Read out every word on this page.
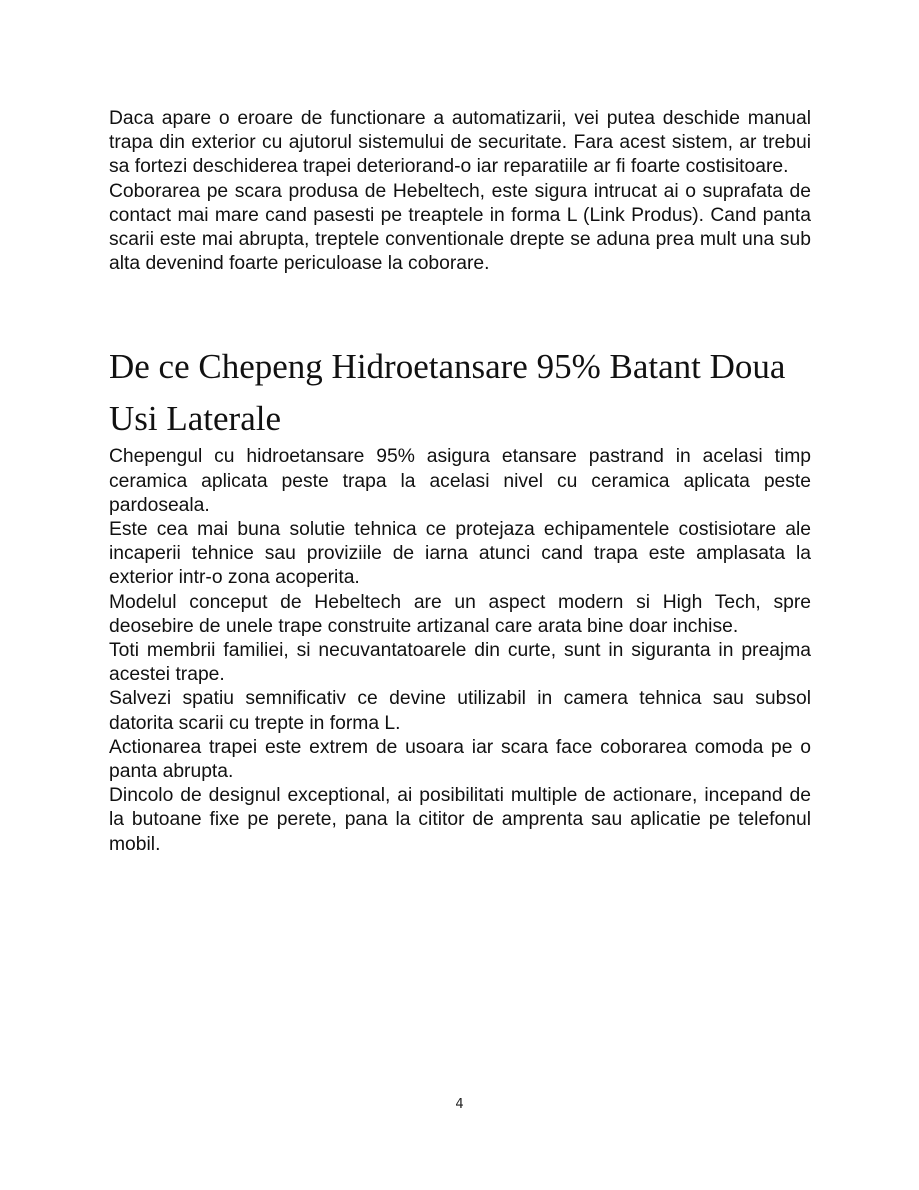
Daca apare o eroare de functionare a automatizarii, vei putea deschide manual trapa din exterior cu ajutorul sistemului de securitate. Fara acest sistem, ar trebui sa fortezi deschiderea trapei deteriorand-o iar reparatiile ar fi foarte costisitoare.

Coborarea pe scara produsa de Hebeltech, este sigura intrucat ai o suprafata de contact mai mare cand pasesti pe treaptele in forma L (Link Produs). Cand panta scarii este mai abrupta, treptele conventionale drepte se aduna prea mult una sub alta devenind foarte periculoase la coborare.

De ce Chepeng Hidroetansare 95% Batant Doua Usi Laterale

Chepengul cu hidroetansare 95% asigura etansare pastrand in acelasi timp ceramica aplicata peste trapa la acelasi nivel cu ceramica aplicata peste pardoseala.

Este cea mai buna solutie tehnica ce protejaza echipamentele costisiotare ale incaperii tehnice sau proviziile de iarna atunci cand trapa este amplasata la exterior intr-o zona acoperita.

Modelul conceput de Hebeltech are un aspect modern si High Tech, spre deosebire de unele trape construite artizanal care arata bine doar inchise.

Toti membrii familiei, si necuvantatoarele din curte, sunt in siguranta in preajma acestei trape.

Salvezi spatiu semnificativ ce devine utilizabil in camera tehnica sau subsol datorita scarii cu trepte in forma L.

Actionarea trapei este extrem de usoara iar scara face coborarea comoda pe o panta abrupta.

Dincolo de designul exceptional, ai posibilitati multiple de actionare, incepand de la butoane fixe pe perete, pana la cititor de amprenta sau aplicatie pe telefonul mobil.

4
